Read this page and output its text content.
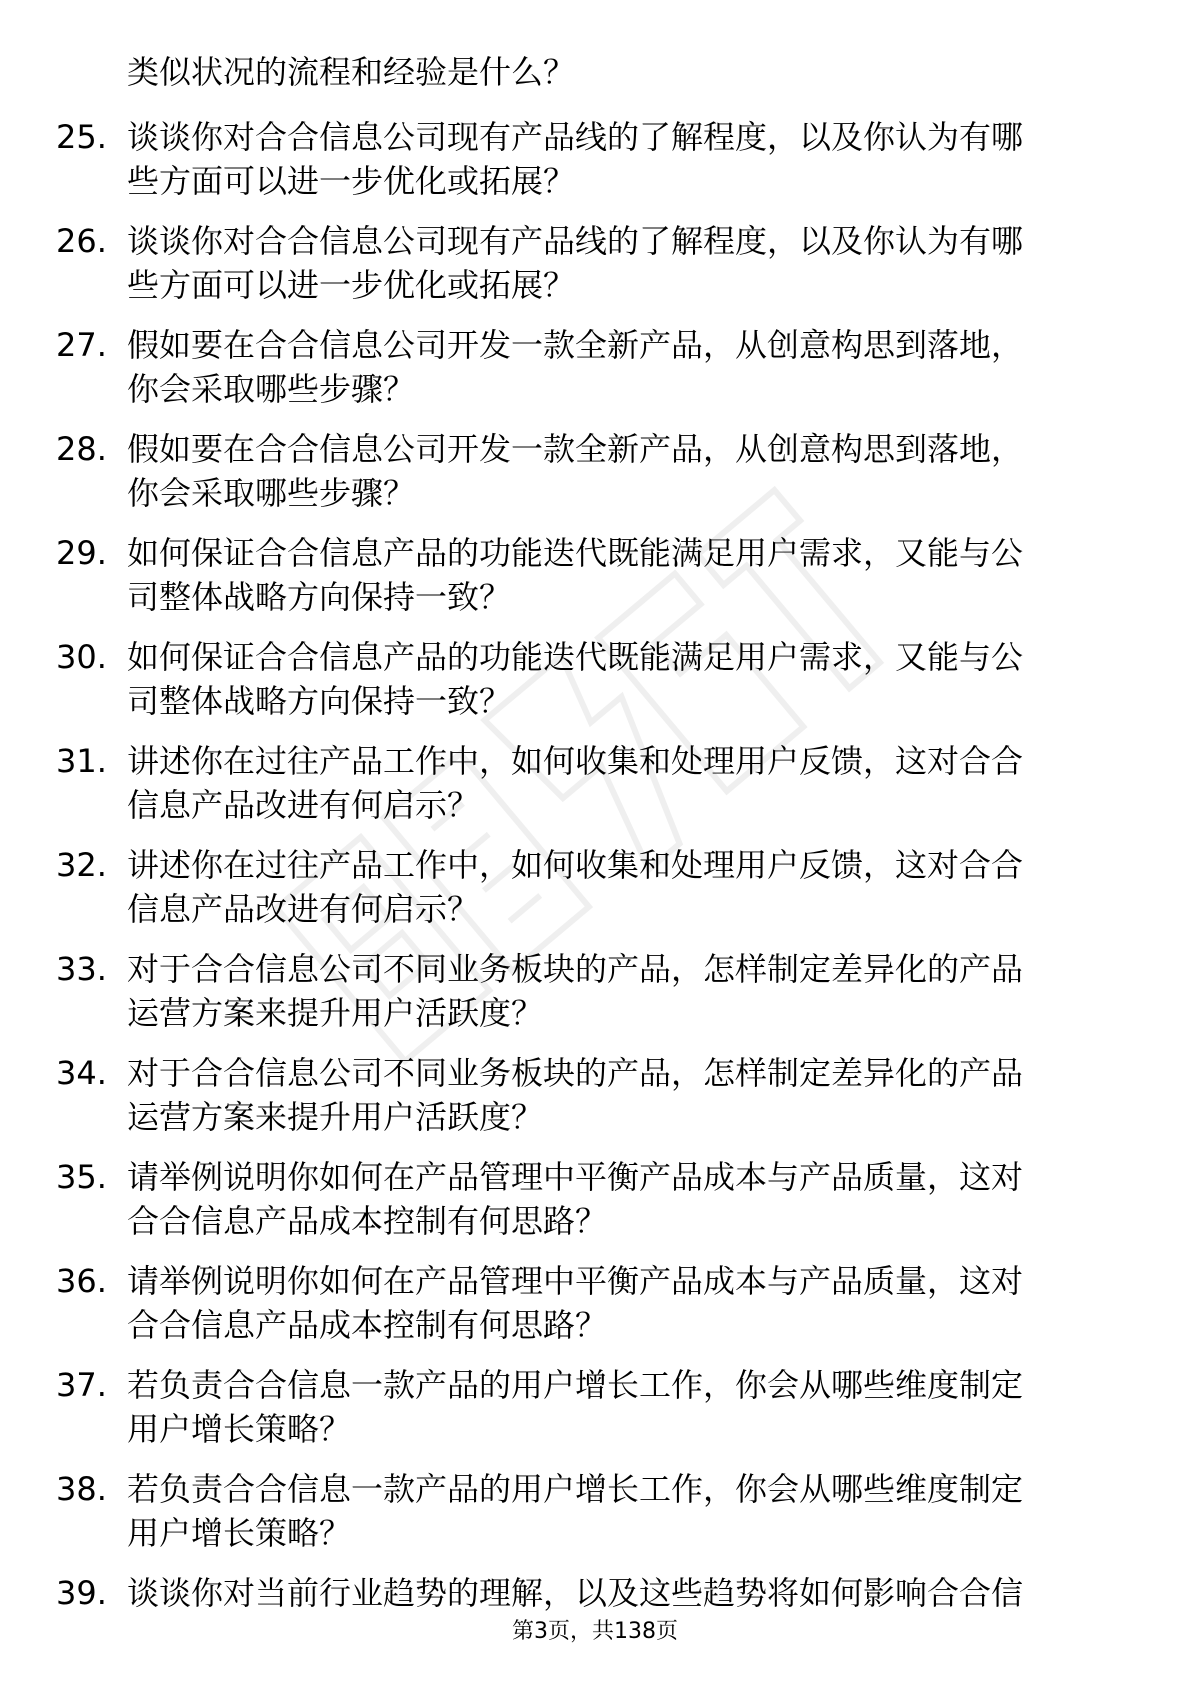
类似状况的流程和经验是什么？
25. 谈谈你对合合信息公司现有产品线的了解程度，以及你认为有哪
些方面可以进一步优化或拓展？
26. 谈谈你对合合信息公司现有产品线的了解程度，以及你认为有哪
些方面可以进一步优化或拓展？
27. 假如要在合合信息公司开发一款全新产品，从创意构思到落地，
你会采取哪些步骤？
28. 假如要在合合信息公司开发一款全新产品，从创意构思到落地，
你会采取哪些步骤？
29. 如何保证合合信息产品的功能迭代既能满足用户需求，又能与公
司整体战略方向保持一致？
30. 如何保证合合信息产品的功能迭代既能满足用户需求，又能与公
司整体战略方向保持一致？
31. 讲述你在过往产品工作中，如何收集和处理用户反馈，这对合合
信息产品改进有何启示？
32. 讲述你在过往产品工作中，如何收集和处理用户反馈，这对合合
信息产品改进有何启示？
33. 对于合合信息公司不同业务板块的产品，怎样制定差异化的产品
运营方案来提升用户活跃度？
34. 对于合合信息公司不同业务板块的产品，怎样制定差异化的产品
运营方案来提升用户活跃度？
35. 请举例说明你如何在产品管理中平衡产品成本与产品质量，这对
合合信息产品成本控制有何思路？
36. 请举例说明你如何在产品管理中平衡产品成本与产品质量，这对
合合信息产品成本控制有何思路？
37. 若负责合合信息一款产品的用户增长工作，你会从哪些维度制定
用户增长策略？
38. 若负责合合信息一款产品的用户增长工作，你会从哪些维度制定
用户增长策略？
39. 谈谈你对当前行业趋势的理解，以及这些趋势将如何影响合合信
第3页，共138页
